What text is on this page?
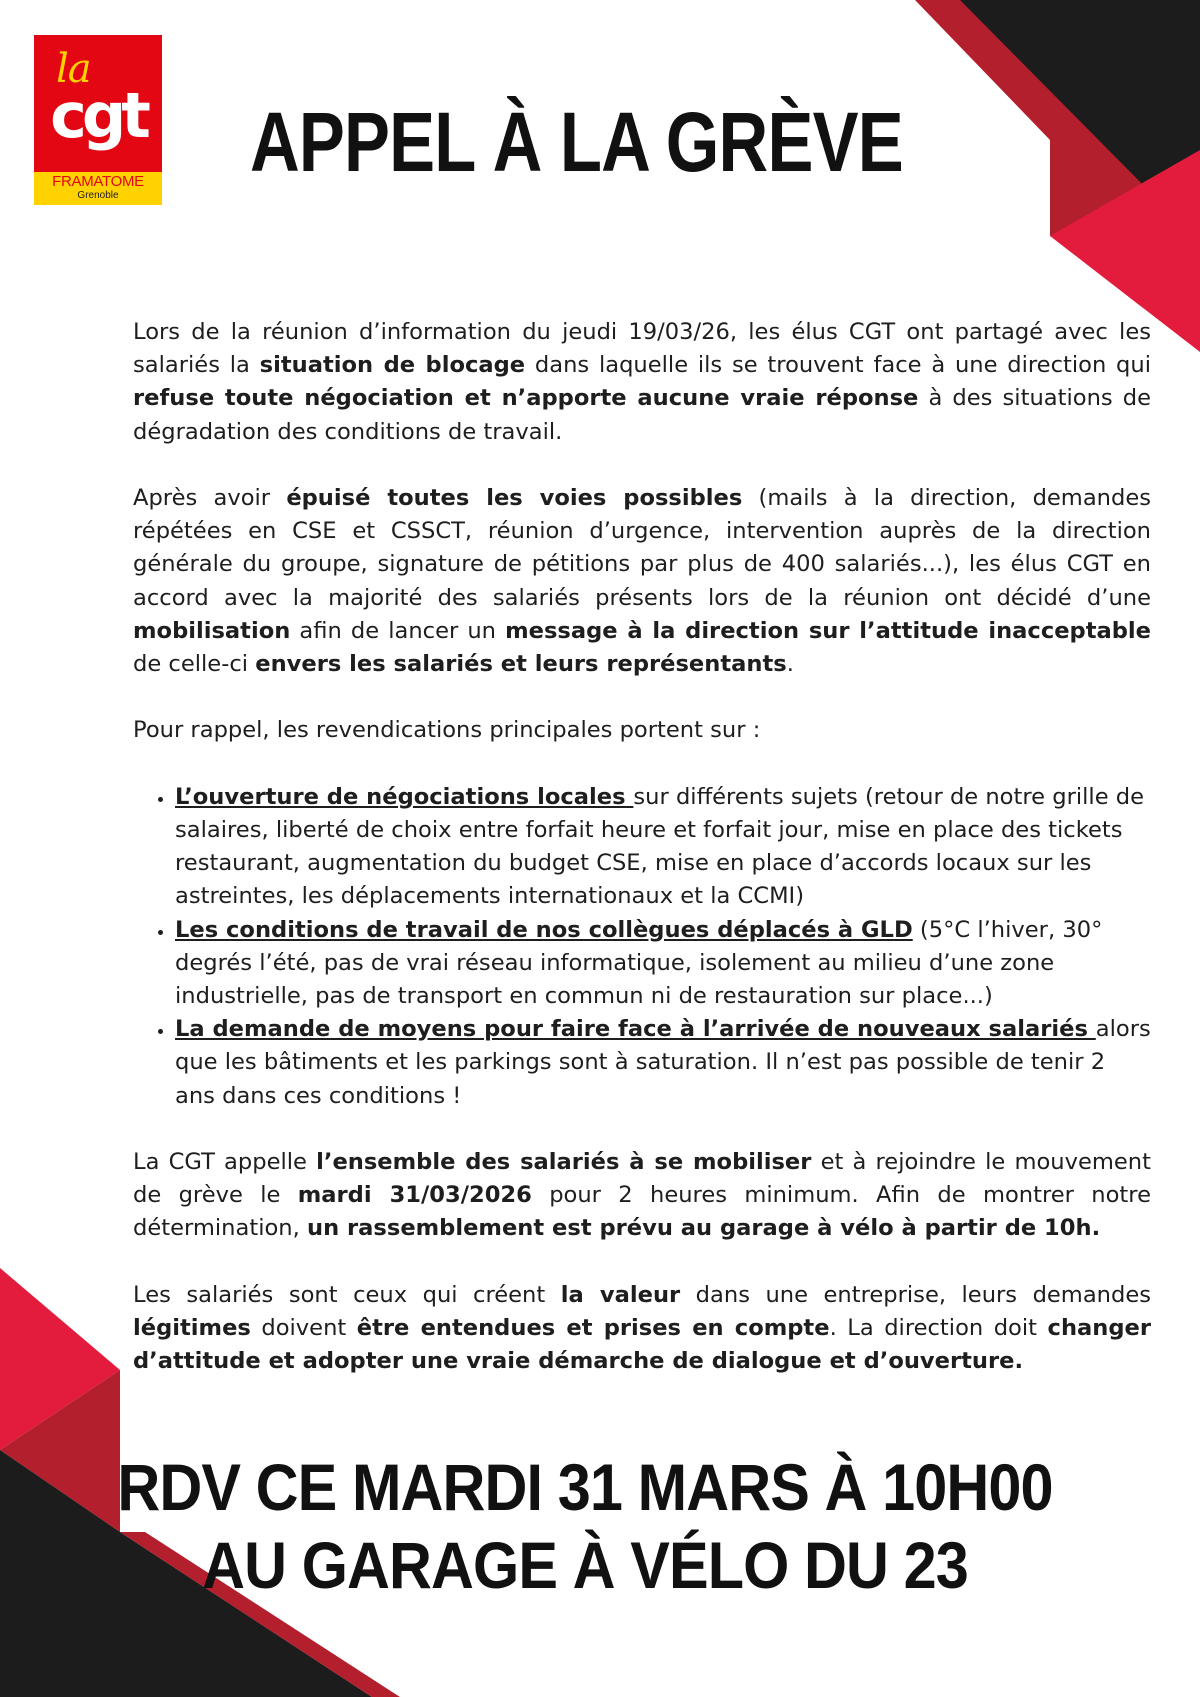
la
cgt
FRAMATOME
Grenoble
APPEL À LA GRÈVE

Lors de la réunion d’information du jeudi 19/03/26, les élus CGT ont partagé avec les salariés la situation de blocage dans laquelle ils se trouvent face à une direction qui refuse toute négociation et n’apporte aucune vraie réponse à des situations de dégradation des conditions de travail.

Après avoir épuisé toutes les voies possibles (mails à la direction, demandes répétées en CSE et CSSCT, réunion d’urgence, intervention auprès de la direction générale du groupe, signature de pétitions par plus de 400 salariés...), les élus CGT en accord avec la majorité des salariés présents lors de la réunion ont décidé d’une mobilisation afin de lancer un message à la direction sur l’attitude inacceptable de celle-ci envers les salariés et leurs représentants.

Pour rappel, les revendications principales portent sur :

• L’ouverture de négociations locales sur différents sujets (retour de notre grille de salaires, liberté de choix entre forfait heure et forfait jour, mise en place des tickets restaurant, augmentation du budget CSE, mise en place d’accords locaux sur les astreintes, les déplacements internationaux et la CCMI)
• Les conditions de travail de nos collègues déplacés à GLD (5°C l’hiver, 30° degrés l’été, pas de vrai réseau informatique, isolement au milieu d’une zone industrielle, pas de transport en commun ni de restauration sur place...)
• La demande de moyens pour faire face à l’arrivée de nouveaux salariés alors que les bâtiments et les parkings sont à saturation. Il n’est pas possible de tenir 2 ans dans ces conditions !

La CGT appelle l’ensemble des salariés à se mobiliser et à rejoindre le mouvement de grève le mardi 31/03/2026 pour 2 heures minimum. Afin de montrer notre détermination, un rassemblement est prévu au garage à vélo à partir de 10h.

Les salariés sont ceux qui créent la valeur dans une entreprise, leurs demandes légitimes doivent être entendues et prises en compte. La direction doit changer d’attitude et adopter une vraie démarche de dialogue et d’ouverture.

RDV CE MARDI 31 MARS À 10H00
AU GARAGE À VÉLO DU 23
